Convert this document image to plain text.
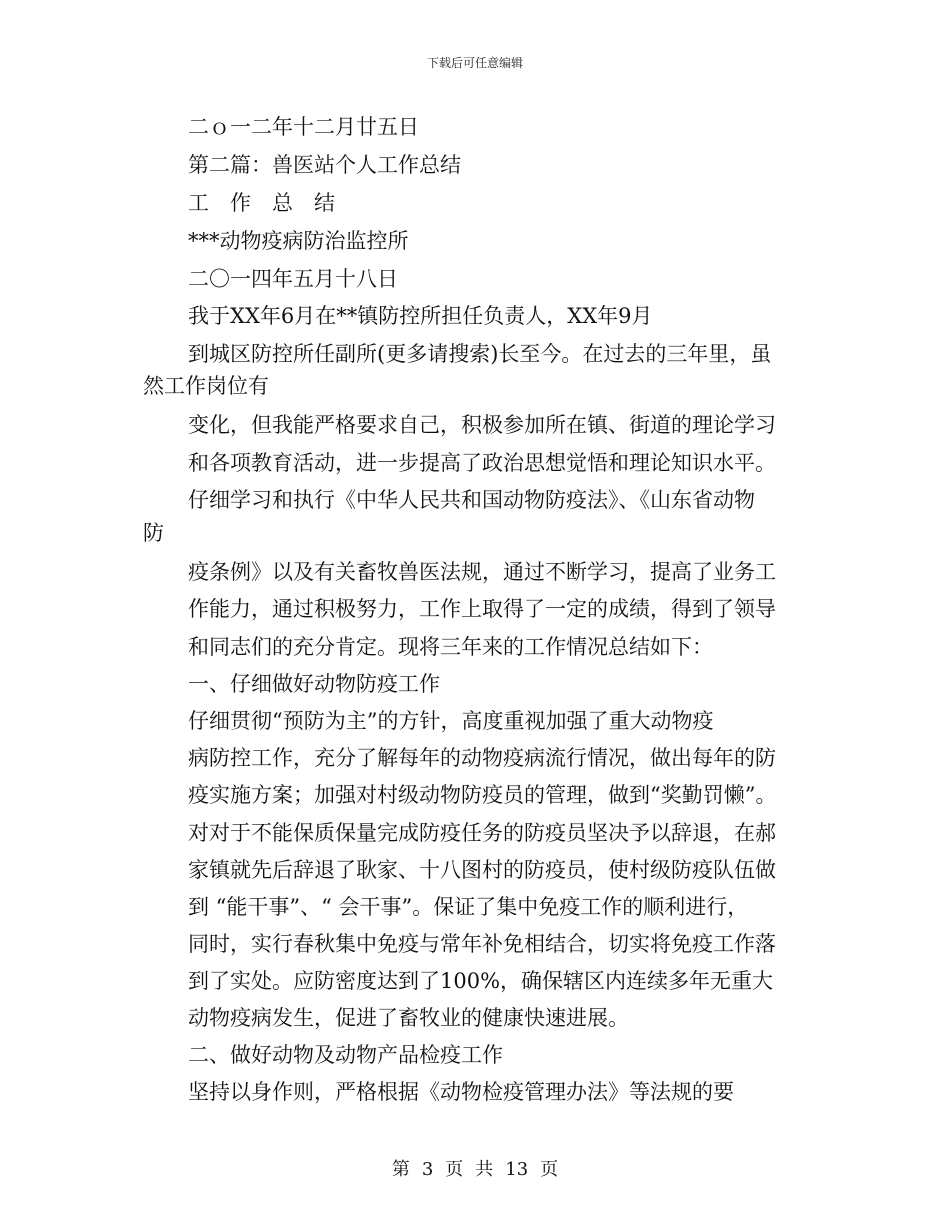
下载后可任意编辑
二ｏ一二年十二月廿五日
第二篇：兽医站个人工作总结
工　作　总　结
***动物疫病防治监控所
二〇一四年五月十八日
我于XX年6月在**镇防控所担任负责人，XX年9月
到城区防控所任副所(更多请搜索)长至今。在过去的三年里，虽
然工作岗位有
变化，但我能严格要求自己，积极参加所在镇、街道的理论学习
和各项教育活动，进一步提高了政治思想觉悟和理论知识水平。
仔细学习和执行《中华人民共和国动物防疫法》、《山东省动物
防
疫条例》以及有关畜牧兽医法规，通过不断学习，提高了业务工
作能力，通过积极努力，工作上取得了一定的成绩，得到了领导
和同志们的充分肯定。现将三年来的工作情况总结如下：
一、仔细做好动物防疫工作
仔细贯彻“预防为主”的方针，高度重视加强了重大动物疫
病防控工作，充分了解每年的动物疫病流行情况，做出每年的防
疫实施方案；加强对村级动物防疫员的管理，做到“奖勤罚懒”。
对对于不能保质保量完成防疫任务的防疫员坚决予以辞退，在郝
家镇就先后辞退了耿家、十八图村的防疫员，使村级防疫队伍做
到 “能干事”、“ 会干事”。保证了集中免疫工作的顺利进行，
同时，实行春秋集中免疫与常年补免相结合，切实将免疫工作落
到了实处。应防密度达到了100%，确保辖区内连续多年无重大
动物疫病发生，促进了畜牧业的健康快速进展。
二、做好动物及动物产品检疫工作
坚持以身作则，严格根据《动物检疫管理办法》等法规的要
第 3 页 共 13 页
